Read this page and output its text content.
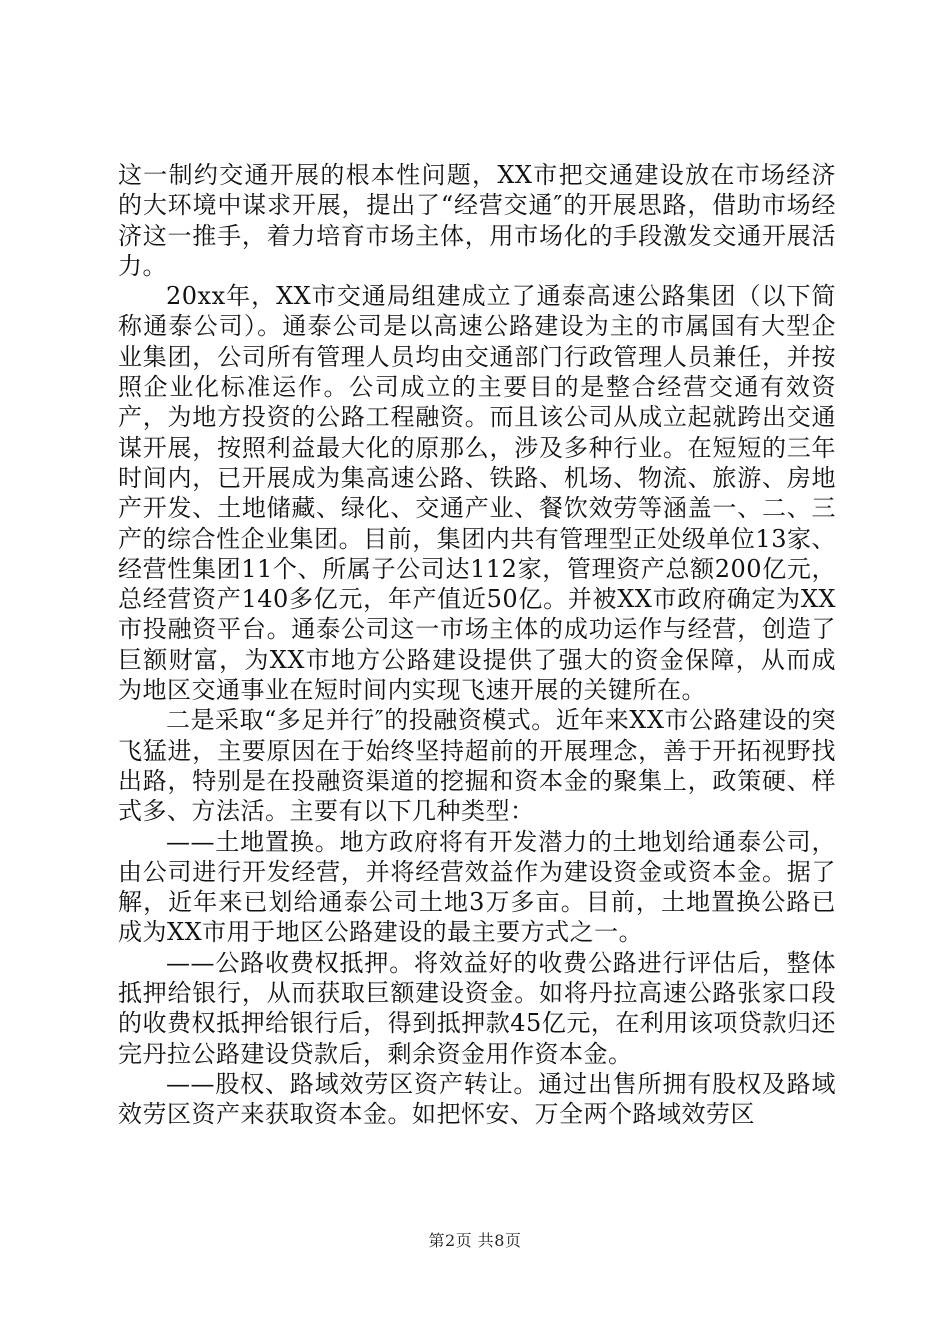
这一制约交通开展的根本性问题，XX市把交通建设放在市场经济的大环境中谋求开展，提出了“经营交通″的开展思路，借助市场经济这一推手，着力培育市场主体，用市场化的手段激发交通开展活力。

20xx年，XX市交通局组建成立了通泰高速公路集团（以下简称通泰公司）。通泰公司是以高速公路建设为主的市属国有大型企业集团，公司所有管理人员均由交通部门行政管理人员兼任，并按照企业化标准运作。公司成立的主要目的是整合经营交通有效资产，为地方投资的公路工程融资。而且该公司从成立起就跨出交通谋开展，按照利益最大化的原那么，涉及多种行业。在短短的三年时间内，已开展成为集高速公路、铁路、机场、物流、旅游、房地产开发、土地储藏、绿化、交通产业、餐饮效劳等涵盖一、二、三产的综合性企业集团。目前，集团内共有管理型正处级单位13家、经营性集团11个、所属子公司达112家，管理资产总额200亿元，总经营资产140多亿元，年产值近50亿。并被XX市政府确定为XX市投融资平台。通泰公司这一市场主体的成功运作与经营，创造了巨额财富，为XX市地方公路建设提供了强大的资金保障，从而成为地区交通事业在短时间内实现飞速开展的关键所在。

二是采取“多足并行″的投融资模式。近年来XX市公路建设的突飞猛进，主要原因在于始终坚持超前的开展理念，善于开拓视野找出路，特别是在投融资渠道的挖掘和资本金的聚集上，政策硬、样式多、方法活。主要有以下几种类型：

——土地置换。地方政府将有开发潜力的土地划给通泰公司，由公司进行开发经营，并将经营效益作为建设资金或资本金。据了解，近年来已划给通泰公司土地3万多亩。目前，土地置换公路已成为XX市用于地区公路建设的最主要方式之一。

——公路收费权抵押。将效益好的收费公路进行评估后，整体抵押给银行，从而获取巨额建设资金。如将丹拉高速公路张家口段的收费权抵押给银行后，得到抵押款45亿元，在利用该项贷款归还完丹拉公路建设贷款后，剩余资金用作资本金。

——股权、路域效劳区资产转让。通过出售所拥有股权及路域效劳区资产来获取资本金。如把怀安、万全两个路域效劳区

第2页 共8页
